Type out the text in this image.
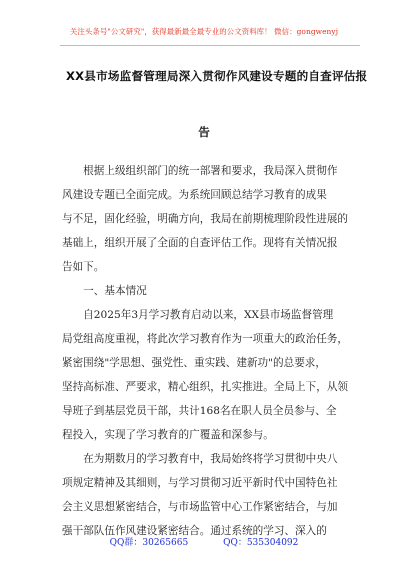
关注头条号"公文研究"，获得最新最全最专业的公文资料库！ 微信：gongwenyj
XX县市场监督管理局深入贯彻作风建设专题的自查评估报
告
　　根据上级组织部门的统一部署和要求，我局深入贯彻作
风建设专题已全面完成。为系统回顾总结学习教育的成果
与不足，固化经验，明确方向，我局在前期梳理阶段性进展的
基础上，组织开展了全面的自查评估工作。现将有关情况报
告如下。
　　一、基本情况
　　自2025年3月学习教育启动以来，XX县市场监督管理
局党组高度重视，将此次学习教育作为一项重大的政治任务，
紧密围绕"学思想、强党性、重实践、建新功"的总要求，
坚持高标准、严要求，精心组织，扎实推进。全局上下，从领
导班子到基层党员干部，共计168名在职人员全员参与、全
程投入，实现了学习教育的广覆盖和深参与。
　　在为期数月的学习教育中，我局始终将学习贯彻中央八
项规定精神及其细则，与学习贯彻习近平新时代中国特色社
会主义思想紧密结合，与市场监管中心工作紧密结合，与加
强干部队伍作风建设紧密结合。通过系统的学习、深入的
QQ群：30265665	QQ：535304092
